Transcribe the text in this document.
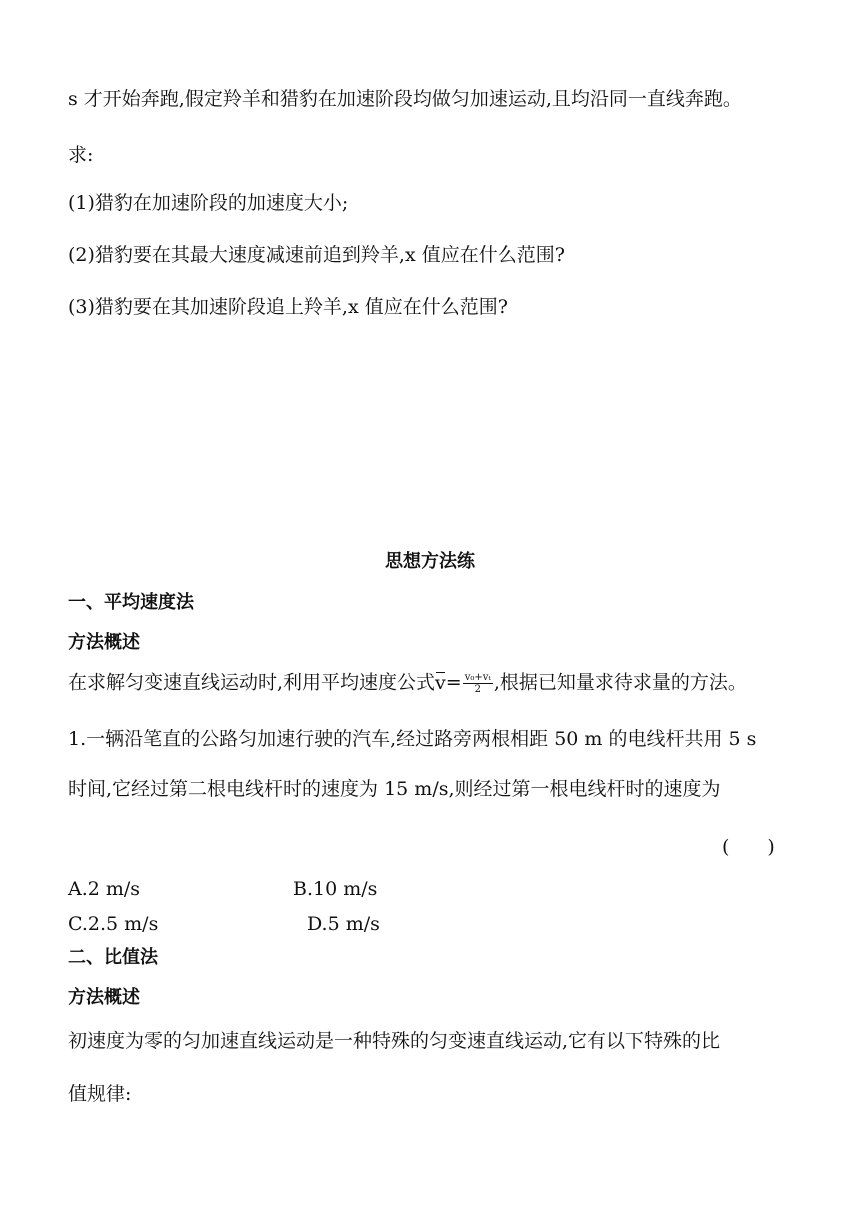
s 才开始奔跑,假定羚羊和猎豹在加速阶段均做匀加速运动,且均沿同一直线奔跑。
求:
(1)猎豹在加速阶段的加速度大小;
(2)猎豹要在其最大速度减速前追到羚羊,x 值应在什么范围?
(3)猎豹要在其加速阶段追上羚羊,x 值应在什么范围?
思想方法练
一、平均速度法
方法概述
在求解匀变速直线运动时,利用平均速度公式$v= \frac{\text{v₀+vₜ}}{2}$ ,根据已知量求待求量的方法。
1.一辆沿笔直的公路匀加速行驶的汽车,经过路旁两根相距 50 m 的电线杆共用 5 s
时间,它经过第二根电线杆时的速度为 15 m/s,则经过第一根电线杆时的速度为
(　　)
A.2 m/s	B.10 m/s
C.2.5 m/s	D.5 m/s
二、比值法
方法概述
初速度为零的匀加速直线运动是一种特殊的匀变速直线运动,它有以下特殊的比
值规律:
